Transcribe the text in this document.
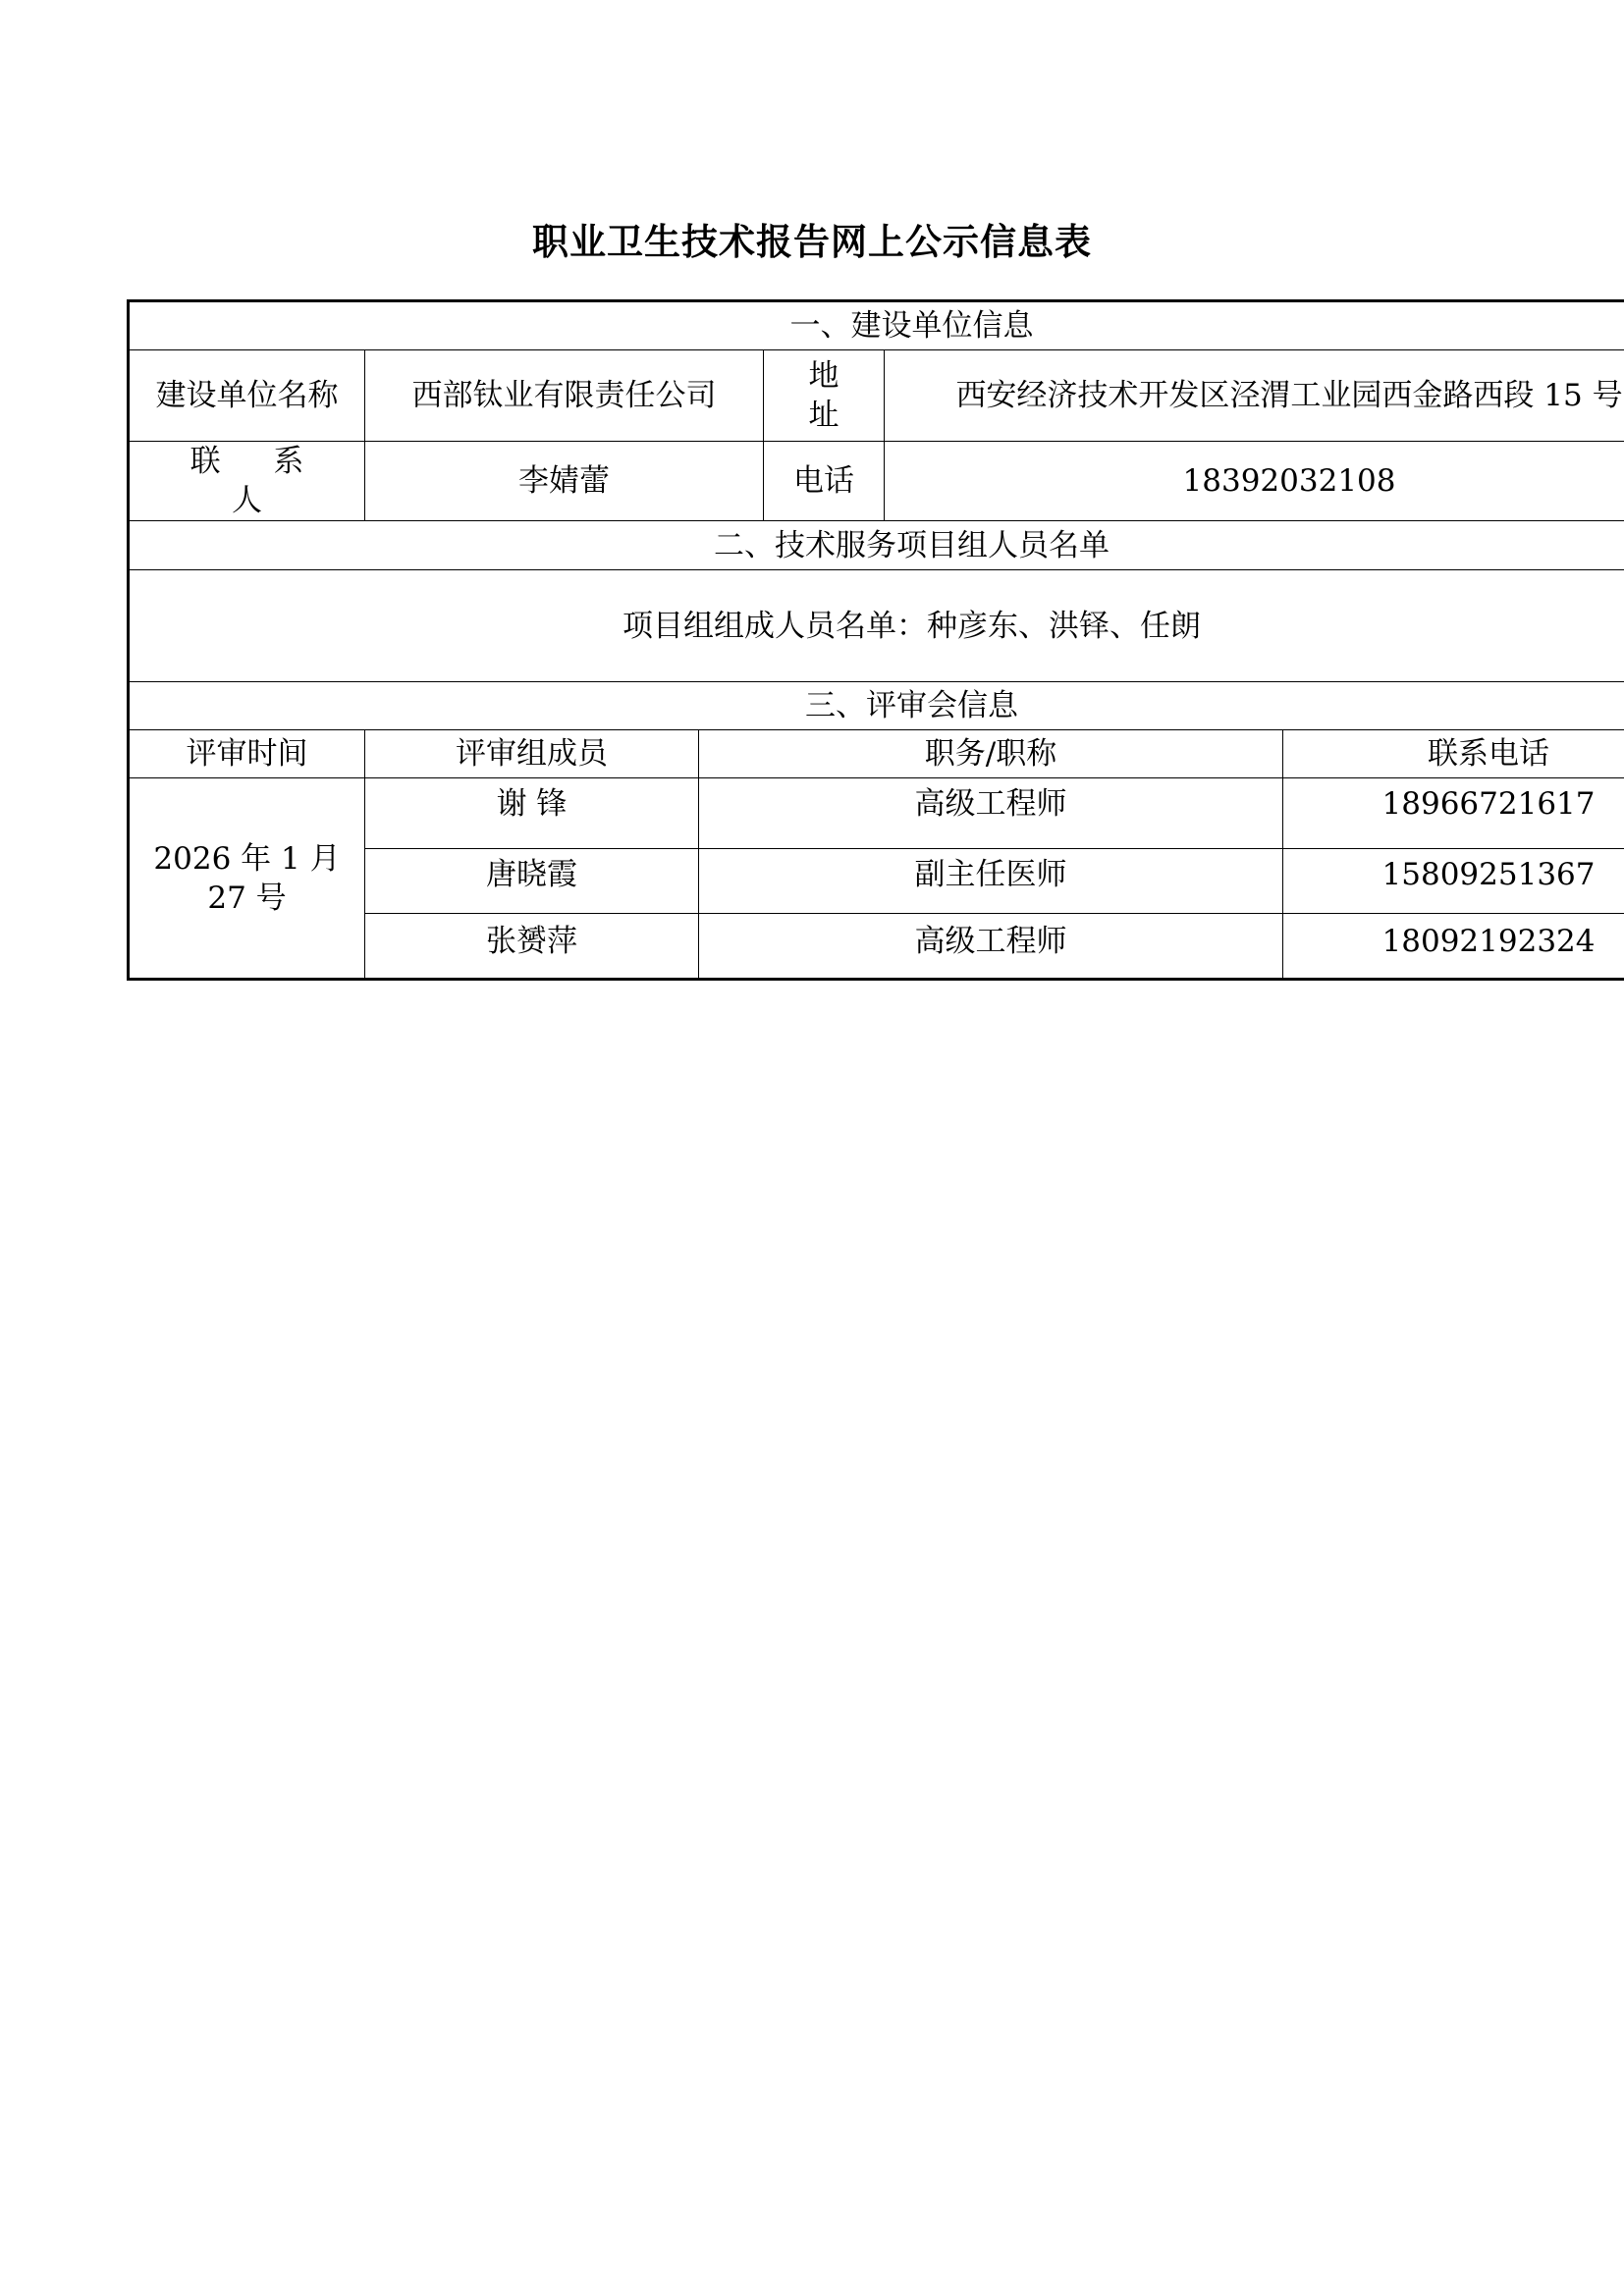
职业卫生技术报告网上公示信息表
一、建设单位信息					
建设单位名称	西部钛业有限责任公司		地 址	西安经济技术开发区泾渭工业园西金路西段 15 号	
联 系 人	李婧蕾		电话	18392032108	
二、技术服务项目组人员名单					
项目组组成人员名单：种彦东、洪铎、任朗					
三、评审会信息					
评审时间	评审组成员	职务/职称			联系电话
2026 年 1 月 27 号	谢 锋	高级工程师			18966721617
	唐晓霞	副主任医师			15809251367
	张赟萍	高级工程师			18092192324
